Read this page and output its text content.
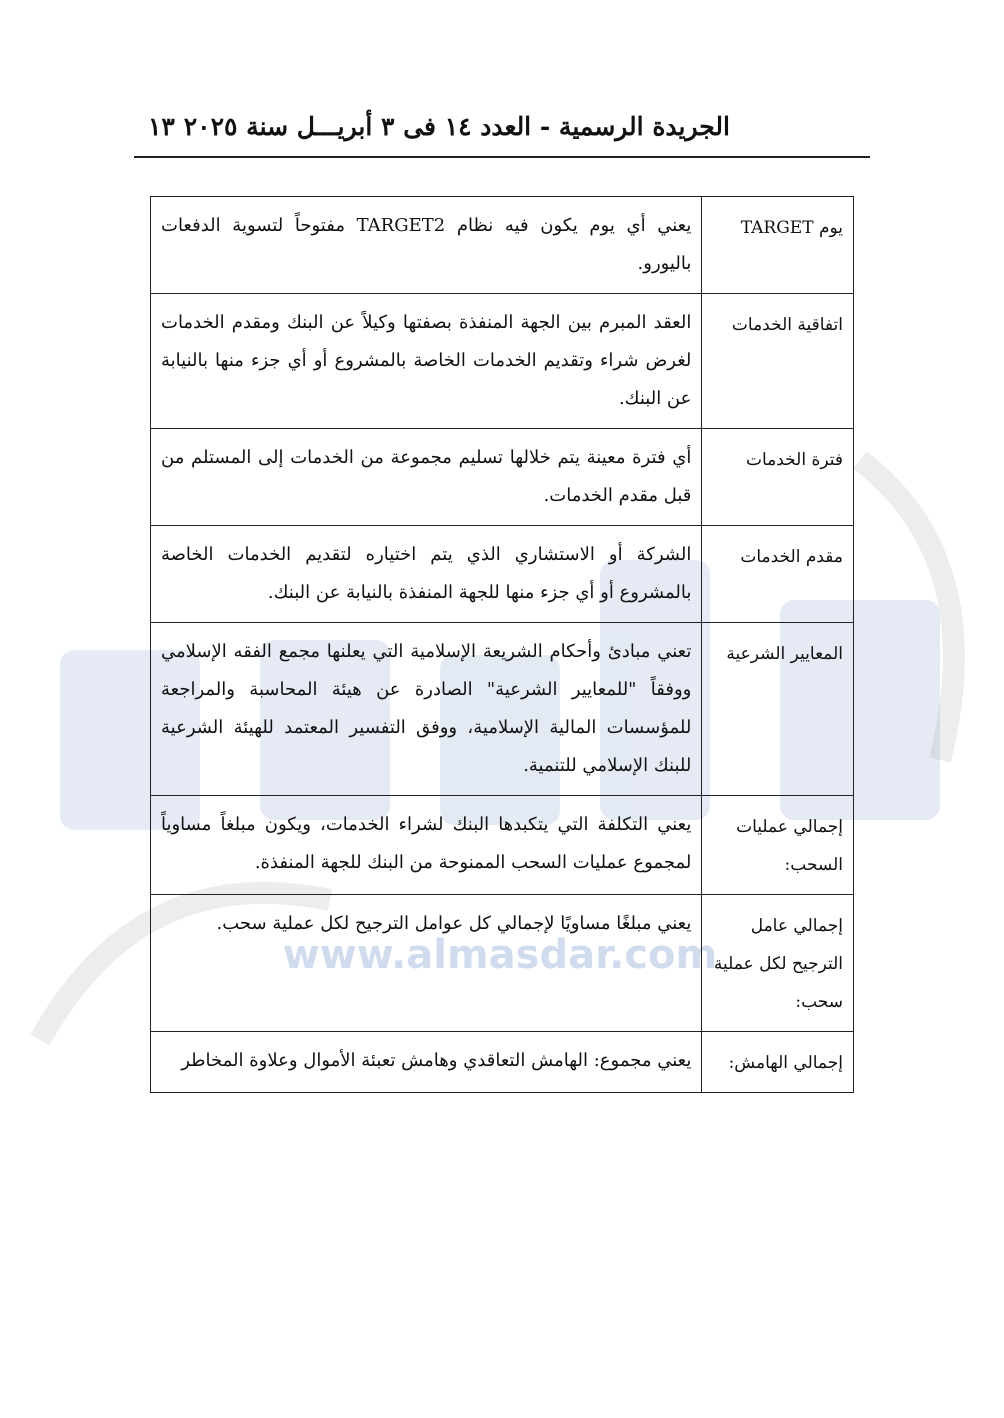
www.almasdar.com
الجريدة الرسمية - العدد ١٤ فى ٣ أبريـــل سنة ٢٠٢٥
١٣
يوم TARGET	يعني أي يوم يكون فيه نظام TARGET2 مفتوحاً لتسوية الدفعات باليورو.
اتفاقية الخدمات	العقد المبرم بين الجهة المنفذة بصفتها وكيلاً عن البنك ومقدم الخدمات لغرض شراء وتقديم الخدمات الخاصة بالمشروع أو أي جزء منها بالنيابة عن البنك.
فترة الخدمات	أي فترة معينة يتم خلالها تسليم مجموعة من الخدمات إلى المستلم من قبل مقدم الخدمات.
مقدم الخدمات	الشركة أو الاستشاري الذي يتم اختياره لتقديم الخدمات الخاصة بالمشروع أو أي جزء منها للجهة المنفذة بالنيابة عن البنك.
المعايير الشرعية	تعني مبادئ وأحكام الشريعة الإسلامية التي يعلنها مجمع الفقه الإسلامي ووفقاً "للمعايير الشرعية" الصادرة عن هيئة المحاسبة والمراجعة للمؤسسات المالية الإسلامية، ووفق التفسير المعتمد للهيئة الشرعية للبنك الإسلامي للتنمية.
إجمالي عمليات السحب:	يعني التكلفة التي يتكبدها البنك لشراء الخدمات، ويكون مبلغاً مساوياً لمجموع عمليات السحب الممنوحة من البنك للجهة المنفذة.
إجمالي عامل الترجيح لكل عملية سحب:	يعني مبلغًا مساويًا لإجمالي كل عوامل الترجيح لكل عملية سحب.
إجمالي الهامش:	يعني مجموع: الهامش التعاقدي وهامش تعبئة الأموال وعلاوة المخاطر
